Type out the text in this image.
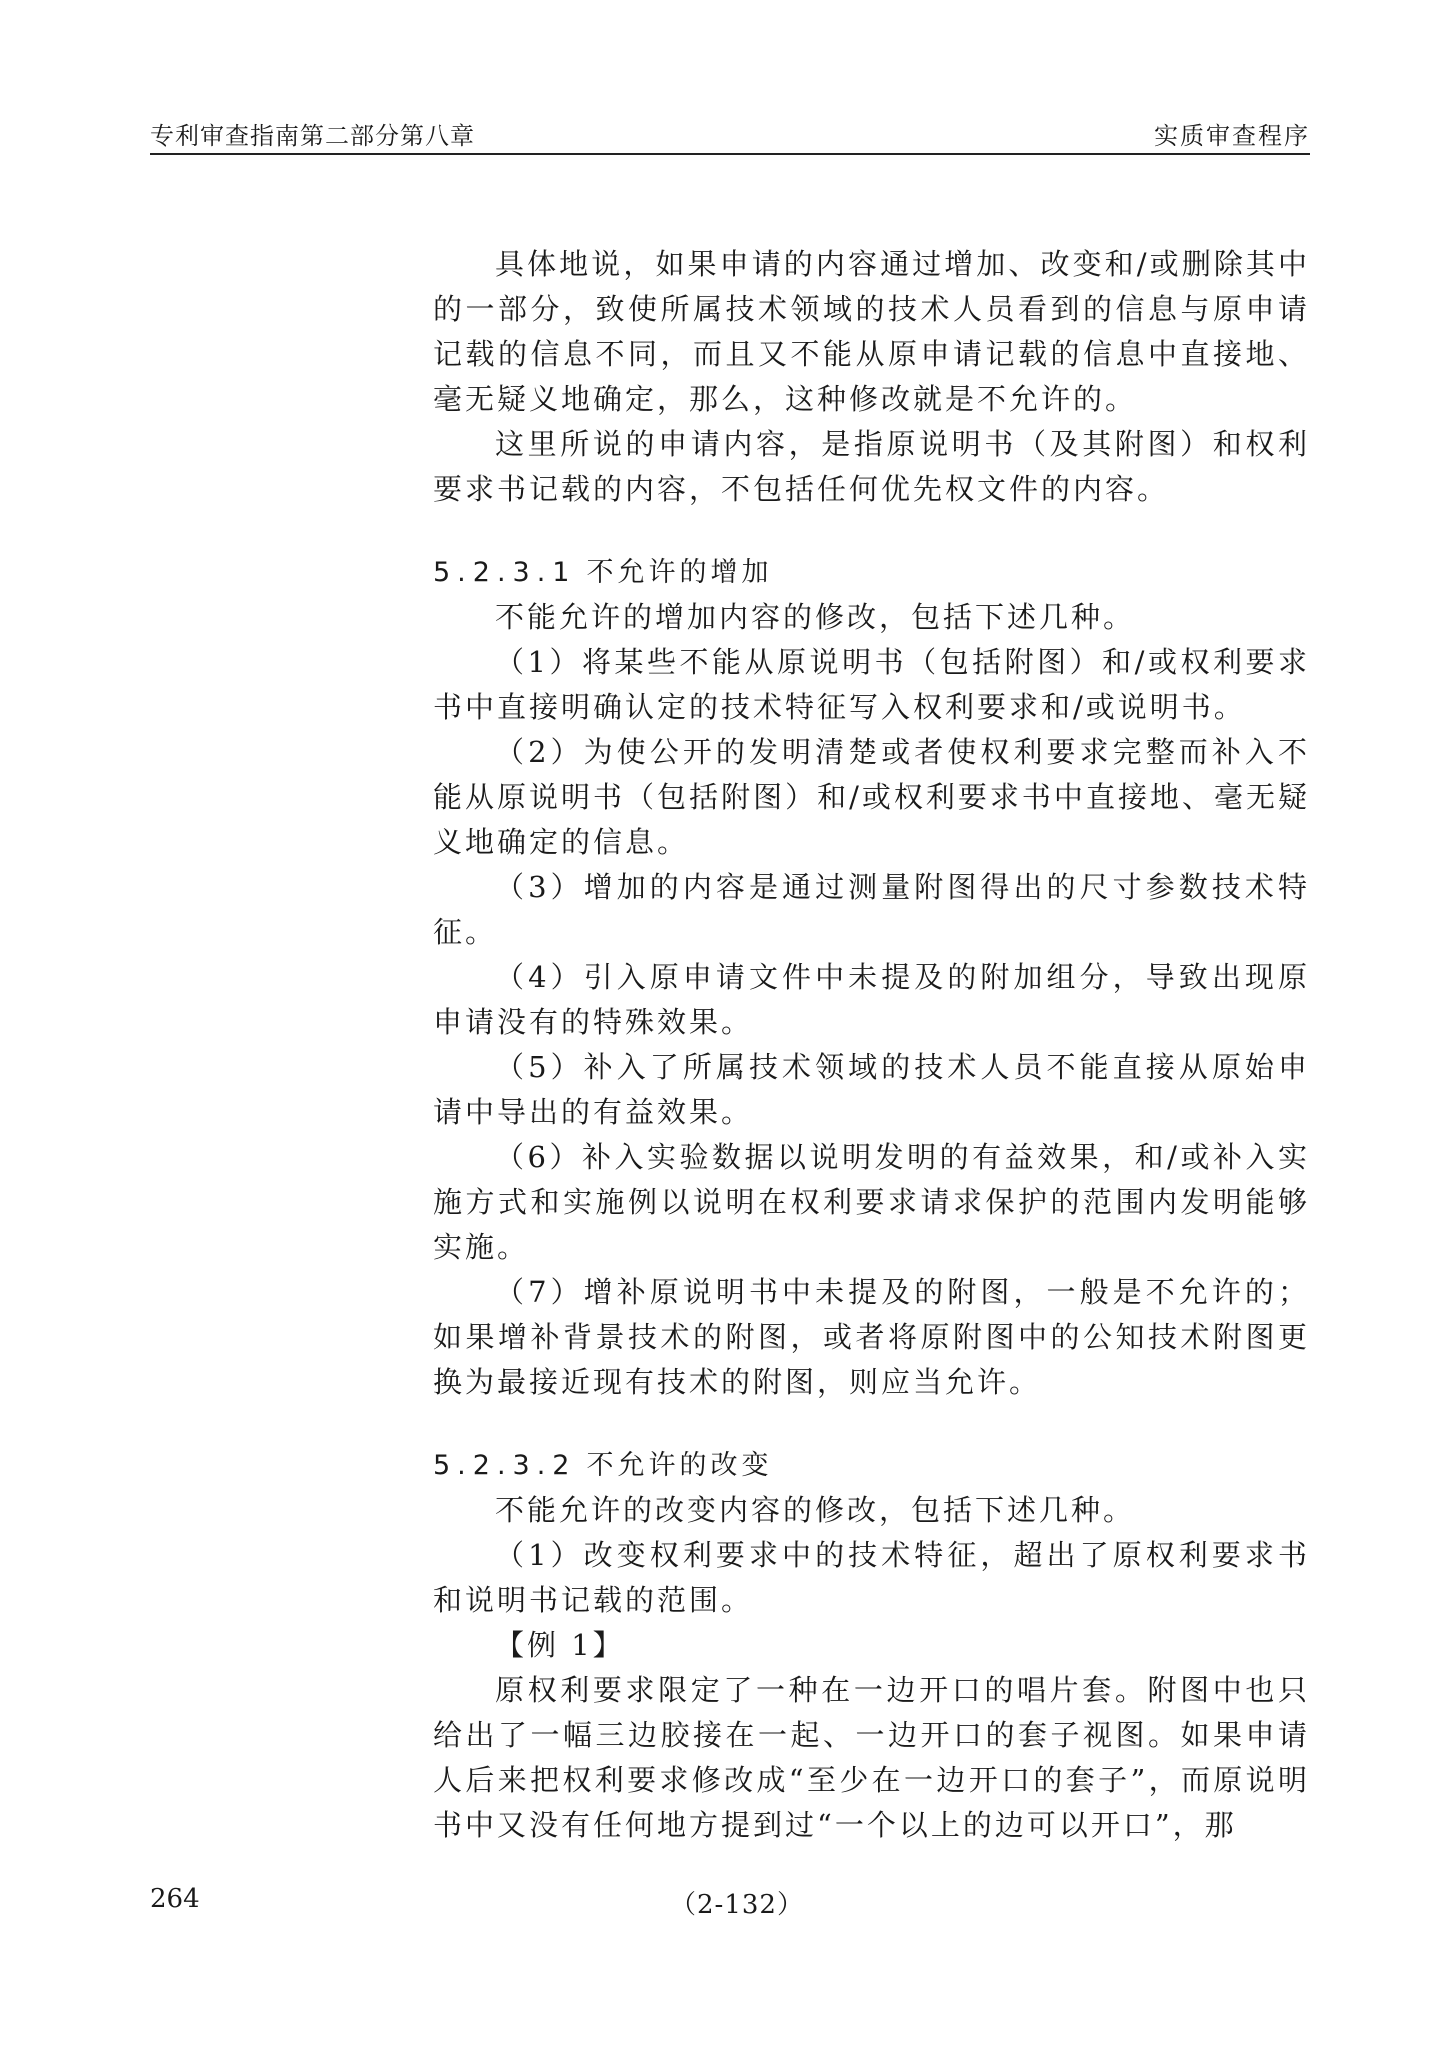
专利审查指南第二部分第八章	实质审查程序

具体地说，如果申请的内容通过增加、改变和/或删除其中的一部分，致使所属技术领域的技术人员看到的信息与原申请记载的信息不同，而且又不能从原申请记载的信息中直接地、毫无疑义地确定，那么，这种修改就是不允许的。

这里所说的申请内容，是指原说明书（及其附图）和权利要求书记载的内容，不包括任何优先权文件的内容。

5.2.3.1 不允许的增加

不能允许的增加内容的修改，包括下述几种。

（1）将某些不能从原说明书（包括附图）和/或权利要求书中直接明确认定的技术特征写入权利要求和/或说明书。

（2）为使公开的发明清楚或者使权利要求完整而补入不能从原说明书（包括附图）和/或权利要求书中直接地、毫无疑义地确定的信息。

（3）增加的内容是通过测量附图得出的尺寸参数技术特征。

（4）引入原申请文件中未提及的附加组分，导致出现原申请没有的特殊效果。

（5）补入了所属技术领域的技术人员不能直接从原始申请中导出的有益效果。

（6）补入实验数据以说明发明的有益效果，和/或补入实施方式和实施例以说明在权利要求请求保护的范围内发明能够实施。

（7）增补原说明书中未提及的附图，一般是不允许的；如果增补背景技术的附图，或者将原附图中的公知技术附图更换为最接近现有技术的附图，则应当允许。

5.2.3.2 不允许的改变

不能允许的改变内容的修改，包括下述几种。

（1）改变权利要求中的技术特征，超出了原权利要求书和说明书记载的范围。

【例 1】

原权利要求限定了一种在一边开口的唱片套。附图中也只给出了一幅三边胶接在一起、一边开口的套子视图。如果申请人后来把权利要求修改成“至少在一边开口的套子”，而原说明书中又没有任何地方提到过“一个以上的边可以开口”，那

264	（2-132）
